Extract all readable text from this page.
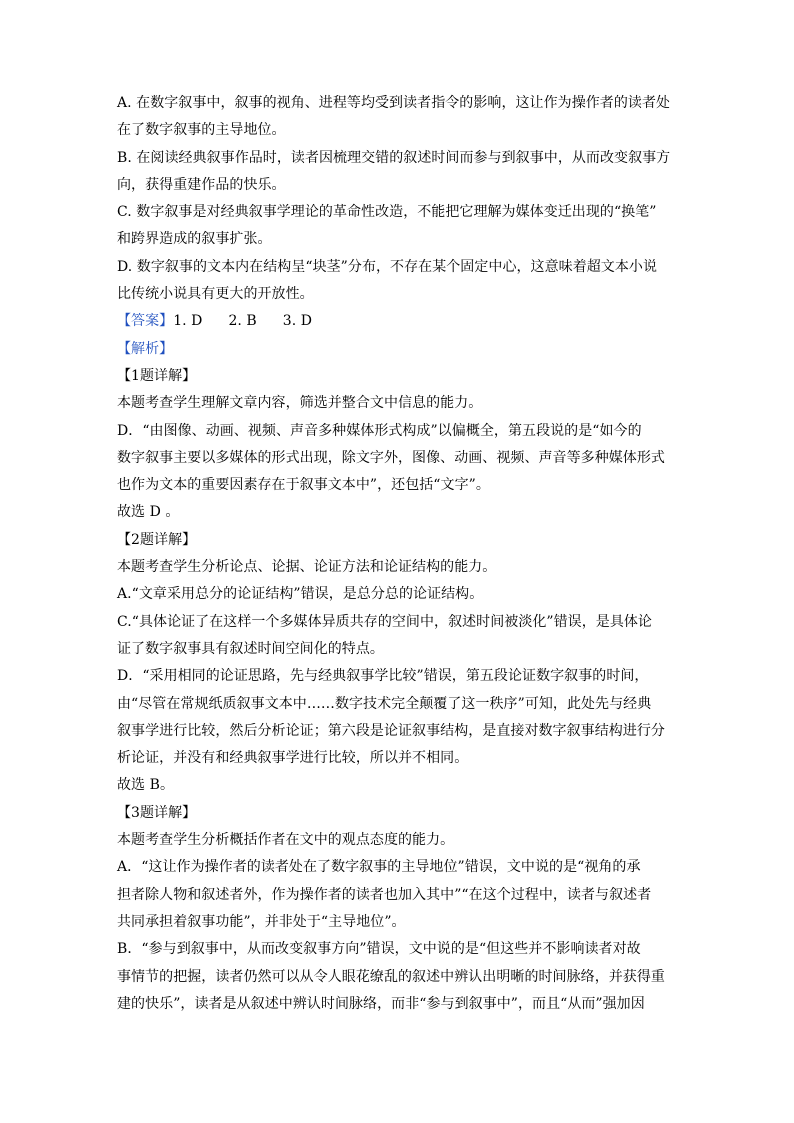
A. 在数字叙事中，叙事的视角、进程等均受到读者指令的影响，这让作为操作者的读者处
在了数字叙事的主导地位。
B. 在阅读经典叙事作品时，读者因梳理交错的叙述时间而参与到叙事中，从而改变叙事方
向，获得重建作品的快乐。
C. 数字叙事是对经典叙事学理论的革命性改造，不能把它理解为媒体变迁出现的“换笔”
和跨界造成的叙事扩张。
D. 数字叙事的文本内在结构呈“块茎”分布，不存在某个固定中心，这意味着超文本小说
比传统小说具有更大的开放性。
【答案】1. D 2. B 3. D
【解析】
【1题详解】
本题考查学生理解文章内容，筛选并整合文中信息的能力。
D．“由图像、动画、视频、声音多种媒体形式构成”以偏概全，第五段说的是“如今的
数字叙事主要以多媒体的形式出现，除文字外，图像、动画、视频、声音等多种媒体形式
也作为文本的重要因素存在于叙事文本中”，还包括“文字”。
故选 D 。
【2题详解】
本题考查学生分析论点、论据、论证方法和论证结构的能力。
A.“文章采用总分的论证结构”错误，是总分总的论证结构。
C.“具体论证了在这样一个多媒体异质共存的空间中，叙述时间被淡化”错误，是具体论
证了数字叙事具有叙述时间空间化的特点。
D．“采用相同的论证思路，先与经典叙事学比较”错误，第五段论证数字叙事的时间，
由“尽管在常规纸质叙事文本中……数字技术完全颠覆了这一秩序”可知，此处先与经典
叙事学进行比较，然后分析论证；第六段是论证叙事结构，是直接对数字叙事结构进行分
析论证，并没有和经典叙事学进行比较，所以并不相同。
故选 B。
【3题详解】
本题考查学生分析概括作者在文中的观点态度的能力。
A．“这让作为操作者的读者处在了数字叙事的主导地位”错误，文中说的是“视角的承
担者除人物和叙述者外，作为操作者的读者也加入其中”“在这个过程中，读者与叙述者
共同承担着叙事功能”，并非处于“主导地位”。
B．“参与到叙事中，从而改变叙事方向”错误，文中说的是“但这些并不影响读者对故
事情节的把握，读者仍然可以从令人眼花缭乱的叙述中辨认出明晰的时间脉络，并获得重
建的快乐”，读者是从叙述中辨认时间脉络，而非“参与到叙事中”，而且“从而”强加因
